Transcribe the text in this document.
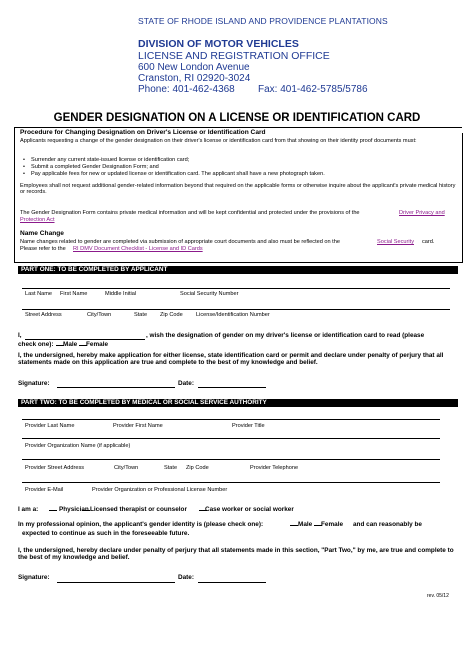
STATE OF RHODE ISLAND AND PROVIDENCE PLANTATIONS
DIVISION OF MOTOR VEHICLES
LICENSE AND REGISTRATION OFFICE
600 New London Avenue
Cranston, RI 02920-3024
Phone: 401-462-4368 Fax: 401-462-5785/5786
GENDER DESIGNATION ON A LICENSE OR IDENTIFICATION CARD
Procedure for Changing Designation on Driver's License or Identification Card
Applicants requesting a change of the gender designation on their driver's license or identification card from that showing on their identity proof documents must:
• Surrender any current state-issued license or identification card;
• Submit a completed Gender Designation Form; and
• Pay applicable fees for new or updated license or identification card. The applicant shall have a new photograph taken.
Employees shall not request additional gender-related information beyond that required on the applicable forms or otherwise inquire about the applicant's private medical history or records.
The Gender Designation Form contains private medical information and will be kept confidential and protected under the provisions of the	Driver Privacy and
Protection Act
Name Change
Name changes related to gender are completed via submission of appropriate court documents and also must be reflected on the	Social Security card.
Please refer to the RI DMV Document Checklist - License and ID Cards
PART ONE: TO BE COMPLETED BY APPLICANT
Last Name First Name	Middle Initial	Social Security Number
Street Address	City/Town	State Zip Code License/Identification Number
I,	, wish the designation of gender on my driver's license or identification card to read (please
check one): Male Female
I, the undersigned, hereby make application for either license, state identification card or permit and declare under penalty of perjury that all statements made on this application are true and complete to the best of my knowledge and belief.
Signature:	Date:
PART TWO: TO BE COMPLETED BY MEDICAL OR SOCIAL SERVICE AUTHORITY
Provider Last Name	Provider First Name	Provider Title
Provider Organization Name (if applicable)
Provider Street Address	City/Town	State Zip Code	Provider Telephone
Provider E-Mail	Provider Organization or Professional License Number
I am a:	Physician Licensed therapist or counselor	Case worker or social worker
In my professional opinion, the applicant's gender identity is (please check one):	Male Female and can reasonably be
expected to continue as such in the foreseeable future.
I, the undersigned, hereby declare under penalty of perjury that all statements made in this section, "Part Two," by me, are true and complete to the best of my knowledge and belief.
Signature:	Date:
rev. 05/12
